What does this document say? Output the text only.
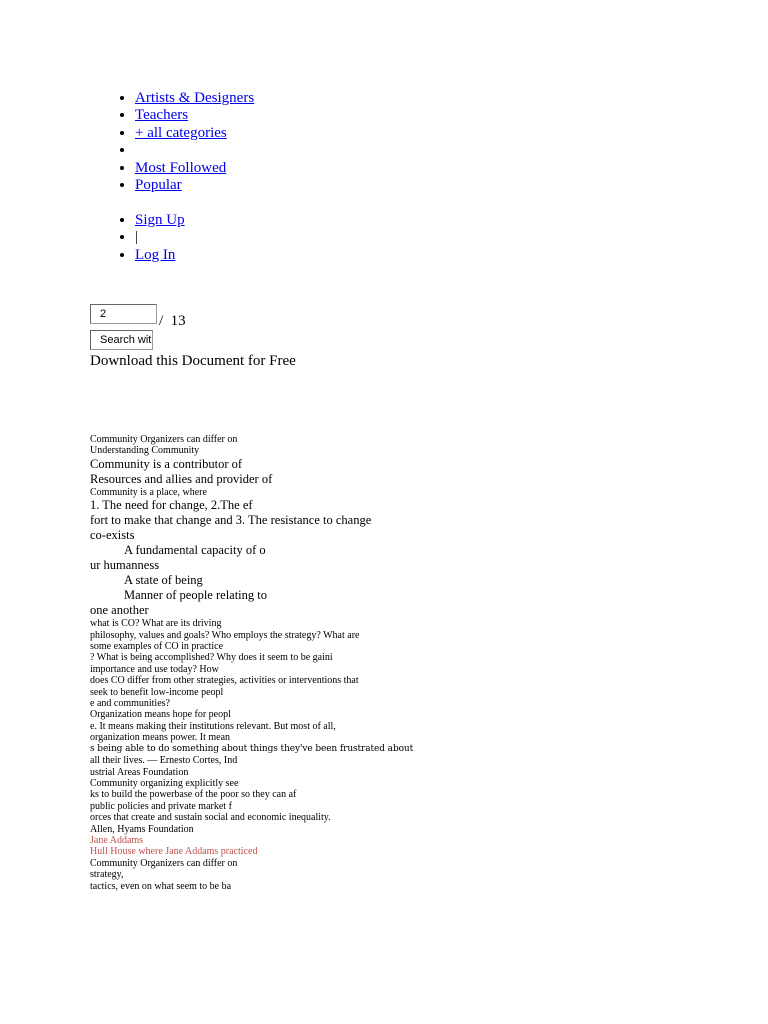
• Artists & Designers
• Teachers
• + all categories
•
• Most Followed
• Popular
• Sign Up
• |
• Log In
2	/  13
Search wit
Download this Document for Free

Community Organizers can differ on

Understanding Community

Community is a contributor of

Resources and allies and provider of

Community is a place, where

1. The need for change, 2.The ef

fort to make that change and 3. The resistance to change

co-exists

A fundamental capacity of o

ur humanness

A state of being

Manner of people relating to

one another

what is CO? What are its driving

philosophy, values and goals? Who employs the strategy? What are

some examples of CO in practice

? What is being accomplished? Why does it seem to be gaini

importance and use today? How

does CO differ from other strategies, activities or interventions that

seek to benefit low-income peopl

e and communities?

Organization means hope for peopl

e. It means making their institutions relevant. But most of all,

organization means power. It mean

s being able to do something about things they've been frustrated about

all their lives. — Ernesto Cortes, Ind

ustrial Areas Foundation

Community organizing explicitly see

ks to build the powerbase of the poor so they can af

public policies and private market f

orces that create and sustain social and economic inequality.

Allen, Hyams Foundation

Jane Addams

Hull House where Jane Addams practiced

Community Organizers can differ on

strategy,

tactics, even on what seem to be ba
